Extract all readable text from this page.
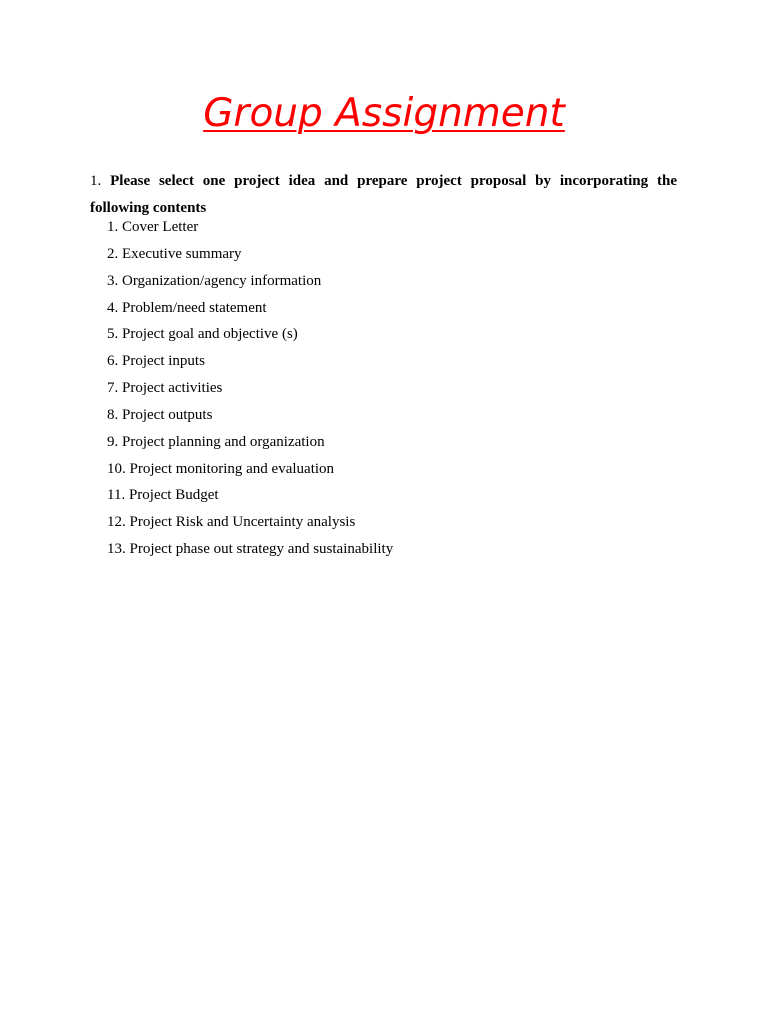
Group Assignment

1. Please select one project idea and prepare project proposal by incorporating the following contents

1. Cover Letter
2. Executive summary
3. Organization/agency information
4. Problem/need statement
5. Project goal and objective (s)
6. Project inputs
7. Project activities
8. Project outputs
9. Project planning and organization
10. Project monitoring and evaluation
11. Project Budget
12. Project Risk and Uncertainty analysis
13. Project phase out strategy and sustainability
